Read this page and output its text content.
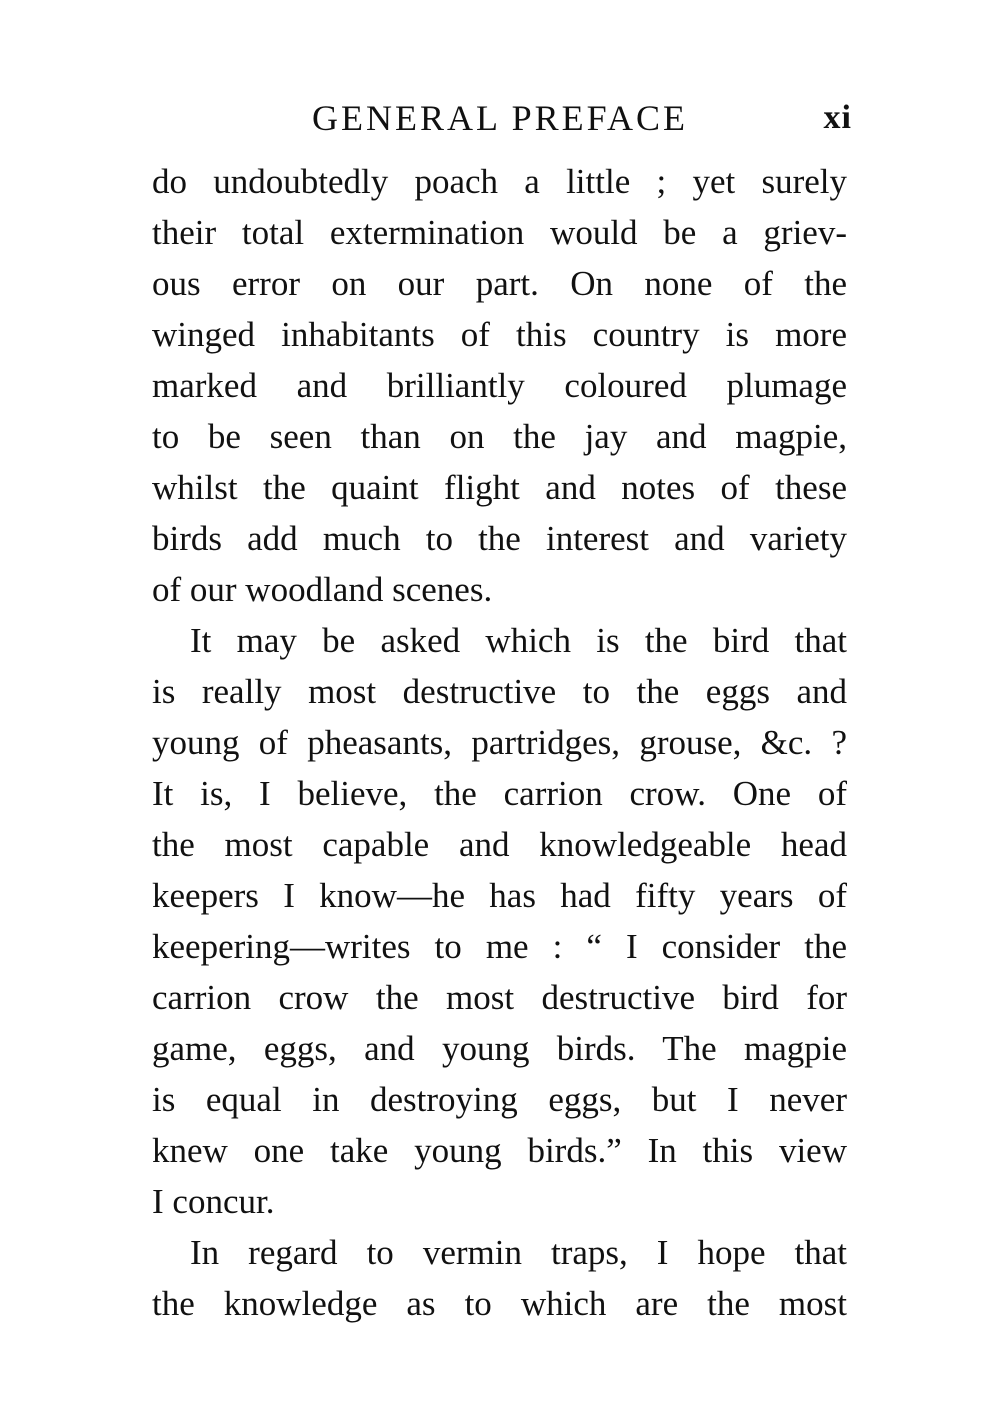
GENERAL PREFACE	xi
do undoubtedly poach a little ; yet surely
their total extermination would be a griev-
ous error on our part. On none of the
winged inhabitants of this country is more
marked and brilliantly coloured plumage
to be seen than on the jay and magpie,
whilst the quaint flight and notes of these
birds add much to the interest and variety
of our woodland scenes.
It may be asked which is the bird that
is really most destructive to the eggs and
young of pheasants, partridges, grouse, &c. ?
It is, I believe, the carrion crow. One of
the most capable and knowledgeable head
keepers I know—he has had fifty years of
keepering—writes to me : “ I consider the
carrion crow the most destructive bird for
game, eggs, and young birds. The magpie
is equal in destroying eggs, but I never
knew one take young birds.” In this view
I concur.
In regard to vermin traps, I hope that
the knowledge as to which are the most
